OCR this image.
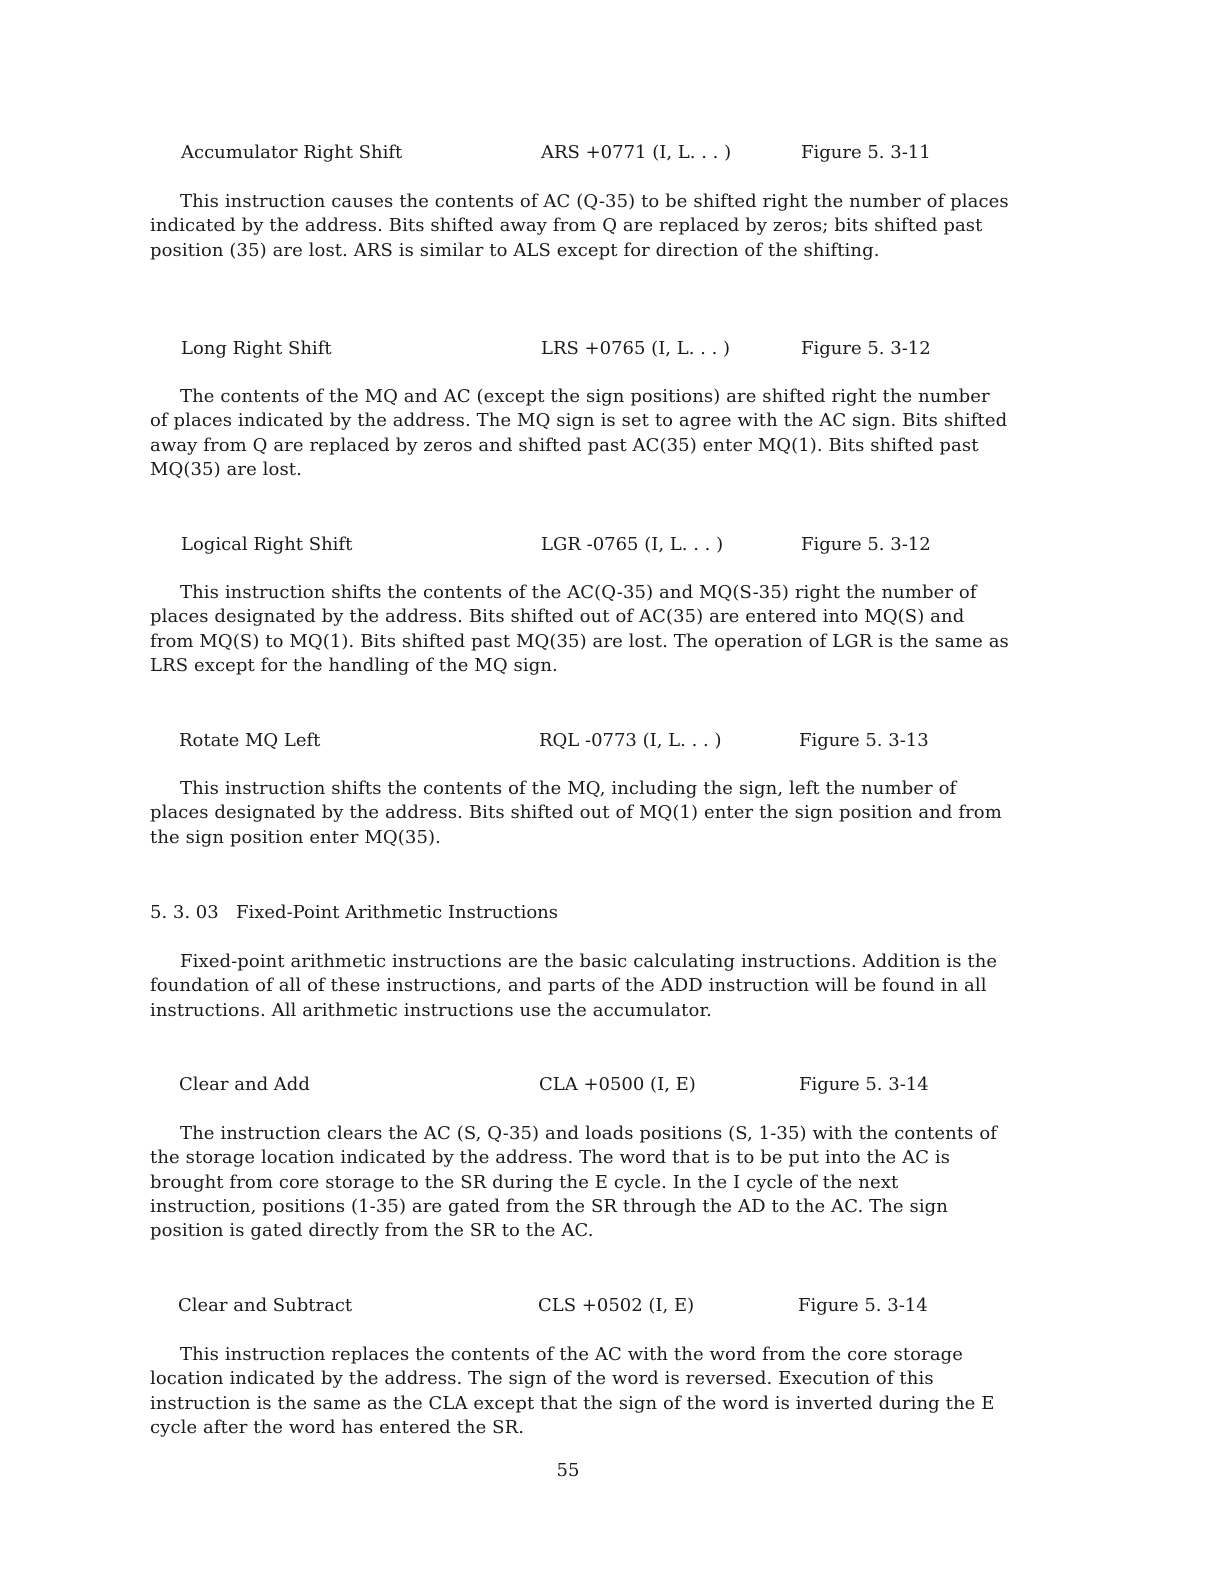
Accumulator Right Shift	ARS +0771 (I, L. . . )	Figure 5. 3-11

This instruction causes the contents of AC (Q-35) to be shifted right the number of places indicated by the address. Bits shifted away from Q are replaced by zeros; bits shifted past position (35) are lost. ARS is similar to ALS except for direction of the shifting.

Long Right Shift	LRS +0765 (I, L. . . )	Figure 5. 3-12

The contents of the MQ and AC (except the sign positions) are shifted right the number of places indicated by the address. The MQ sign is set to agree with the AC sign. Bits shifted away from Q are replaced by zeros and shifted past AC(35) enter MQ(1). Bits shifted past MQ(35) are lost.

Logical Right Shift	LGR -0765 (I, L. . . )	Figure 5. 3-12

This instruction shifts the contents of the AC(Q-35) and MQ(S-35) right the number of places designated by the address. Bits shifted out of AC(35) are entered into MQ(S) and from MQ(S) to MQ(1). Bits shifted past MQ(35) are lost. The operation of LGR is the same as LRS except for the handling of the MQ sign.

Rotate MQ Left	RQL -0773 (I, L. . . )	Figure 5. 3-13

This instruction shifts the contents of the MQ, including the sign, left the number of places designated by the address. Bits shifted out of MQ(1) enter the sign position and from the sign position enter MQ(35).

5. 3. 03 Fixed-Point Arithmetic Instructions

Fixed-point arithmetic instructions are the basic calculating instructions. Addition is the foundation of all of these instructions, and parts of the ADD instruction will be found in all instructions. All arithmetic instructions use the accumulator.

Clear and Add	CLA +0500 (I, E)	Figure 5. 3-14

The instruction clears the AC (S, Q-35) and loads positions (S, 1-35) with the contents of the storage location indicated by the address. The word that is to be put into the AC is brought from core storage to the SR during the E cycle. In the I cycle of the next instruction, positions (1-35) are gated from the SR through the AD to the AC. The sign position is gated directly from the SR to the AC.

Clear and Subtract	CLS +0502 (I, E)	Figure 5. 3-14

This instruction replaces the contents of the AC with the word from the core storage location indicated by the address. The sign of the word is reversed. Execution of this instruction is the same as the CLA except that the sign of the word is inverted during the E cycle after the word has entered the SR.

55
